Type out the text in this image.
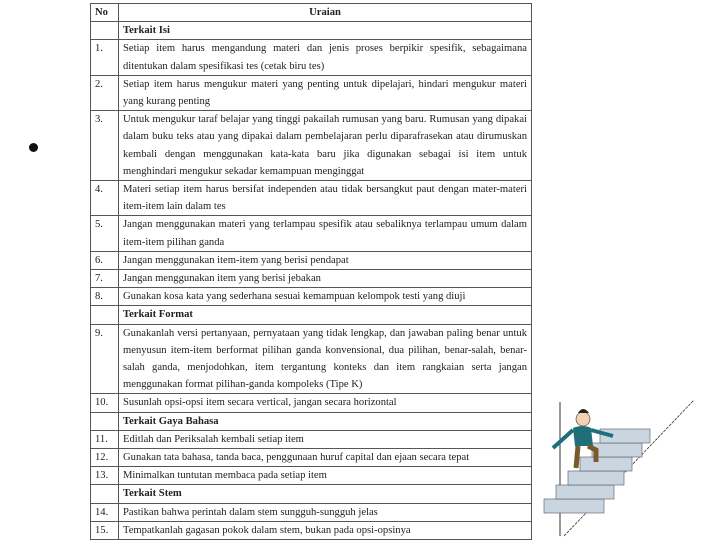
No	Uraian
	Terkait Isi
1.	Setiap item harus mengandung materi dan jenis proses berpikir spesifik, sebagaimana ditentukan dalam spesifikasi tes (cetak biru tes)
2.	Setiap item harus mengukur materi yang penting untuk dipelajari, hindari mengukur materi yang kurang penting
3.	Untuk mengukur taraf belajar yang tinggi pakailah rumusan yang baru. Rumusan yang dipakai dalam buku teks atau yang dipakai dalam pembelajaran perlu diparafrasekan atau dirumuskan kembali dengan menggunakan kata-kata baru jika digunakan sebagai isi item untuk menghindari mengukur sekadar kemampuan menginggat
4.	Materi setiap item harus bersifat independen atau tidak bersangkut paut dengan mater-materi item-item lain dalam tes
5.	Jangan menggunakan materi yang terlampau spesifik atau sebaliknya terlampau umum dalam item-item pilihan ganda
6.	Jangan menggunakan item-item yang berisi pendapat
7.	Jangan menggunakan item yang berisi jebakan
8.	Gunakan kosa kata yang sederhana sesuai kemampuan kelompok testi yang diuji
	Terkait Format
9.	Gunakanlah versi pertanyaan, pernyataan yang tidak lengkap, dan jawaban paling benar untuk menyusun item-item berformat pilihan ganda konvensional, dua pilihan, benar-salah, benar-salah ganda, menjodohkan, item tergantung konteks dan item rangkaian serta jangan menggunakan format pilihan-ganda kompoleks (Tipe K)
10.	Susunlah opsi-opsi item secara vertical, jangan secara horizontal
	Terkait Gaya Bahasa
11.	Editlah dan Periksalah kembali setiap item
12.	Gunakan tata bahasa, tanda baca, penggunaan huruf capital dan ejaan secara tepat
13.	Minimalkan tuntutan membaca pada setiap item
	Terkait Stem
14.	Pastikan bahwa perintah dalam stem sungguh-sungguh jelas
15.	Tempatkanlah gagasan pokok dalam stem, bukan pada opsi-opsinya
